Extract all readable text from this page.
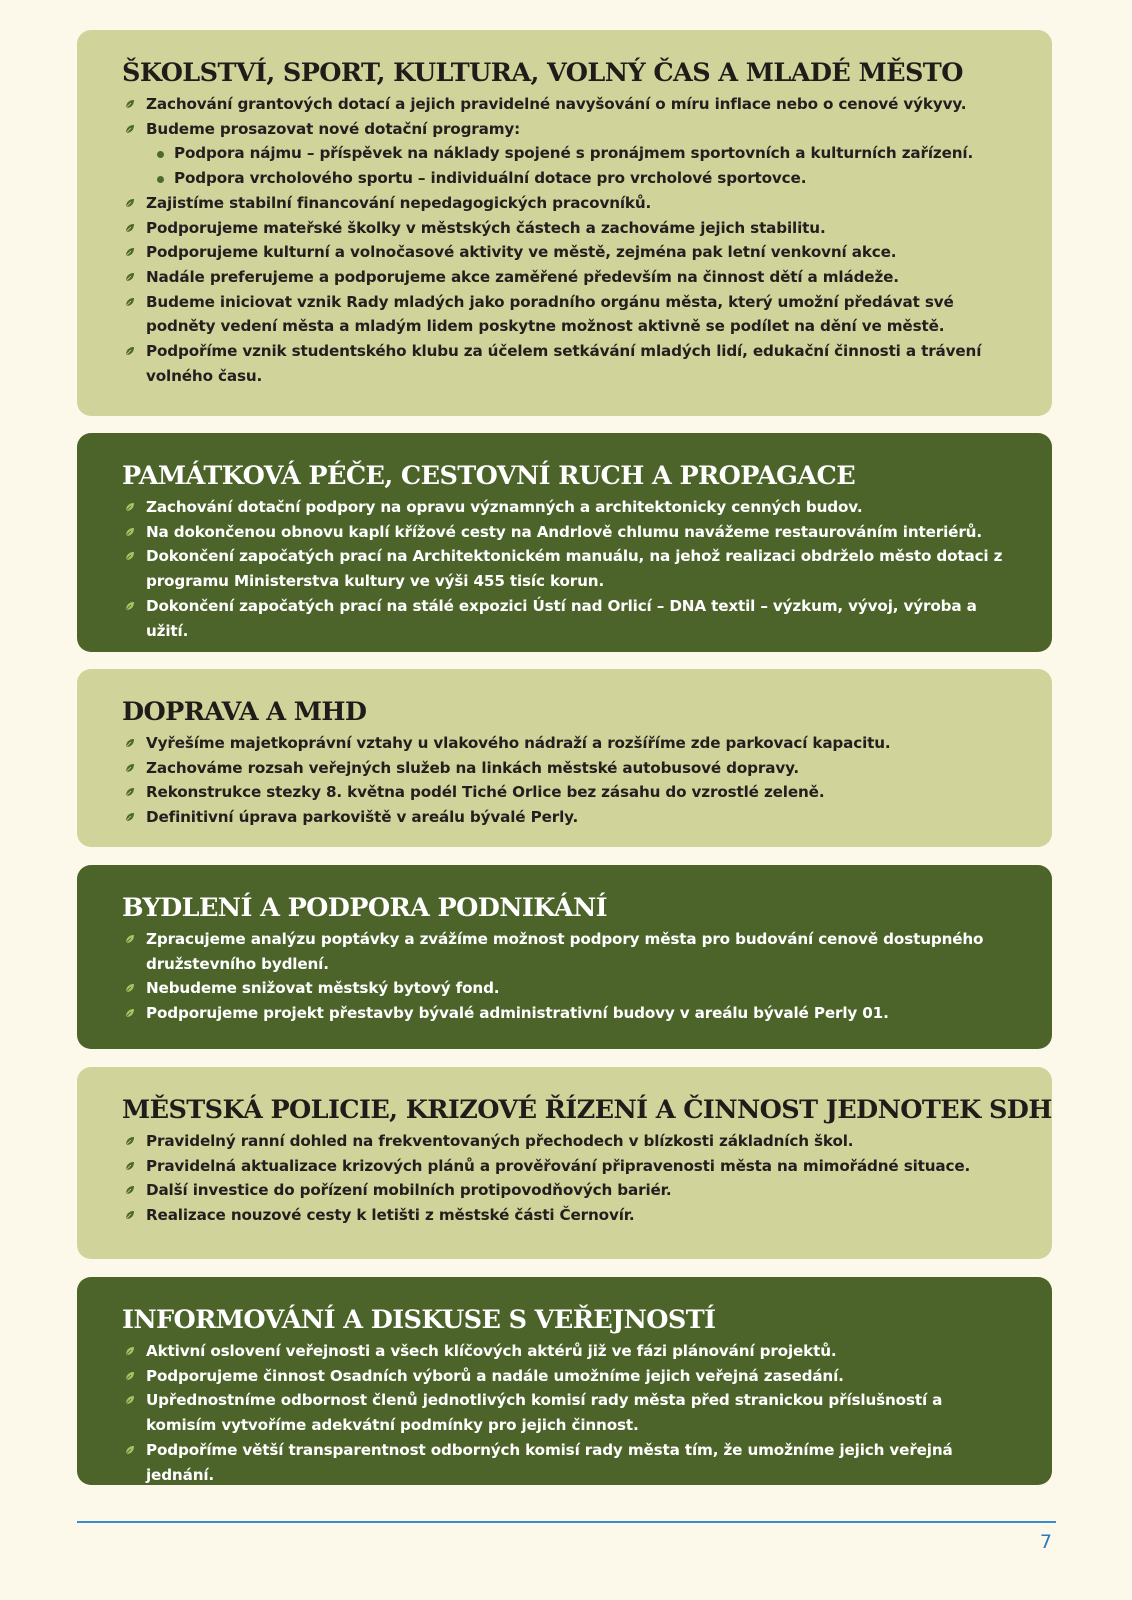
ŠKOLSTVÍ, SPORT, KULTURA, VOLNÝ ČAS A MLADÉ MĚSTO
Zachování grantových dotací a jejich pravidelné navyšování o míru inflace nebo o cenové výkyvy.
Budeme prosazovat nové dotační programy:
Podpora nájmu – příspěvek na náklady spojené s pronájmem sportovních a kulturních zařízení.
Podpora vrcholového sportu – individuální dotace pro vrcholové sportovce.
Zajistíme stabilní financování nepedagogických pracovníků.
Podporujeme mateřské školky v městských částech a zachováme jejich stabilitu.
Podporujeme kulturní a volnočasové aktivity ve městě, zejména pak letní venkovní akce.
Nadále preferujeme a podporujeme akce zaměřené především na činnost dětí a mládeže.
Budeme iniciovat vznik Rady mladých jako poradního orgánu města, který umožní předávat své podněty vedení města a mladým lidem poskytne možnost aktivně se podílet na dění ve městě.
Podpoříme vznik studentského klubu za účelem setkávání mladých lidí, edukační činnosti a trávení volného času.
PAMÁTKOVÁ PÉČE, CESTOVNÍ RUCH A PROPAGACE
Zachování dotační podpory na opravu významných a architektonicky cenných budov.
Na dokončenou obnovu kaplí křížové cesty na Andrlově chlumu navážeme restaurováním interiérů.
Dokončení započatých prací na Architektonickém manuálu, na jehož realizaci obdrželo město dotaci z programu Ministerstva kultury ve výši 455 tisíc korun.
Dokončení započatých prací na stálé expozici Ústí nad Orlicí – DNA textil – výzkum, vývoj, výroba a užití.
DOPRAVA A MHD
Vyřešíme majetkoprávní vztahy u vlakového nádraží a rozšíříme zde parkovací kapacitu.
Zachováme rozsah veřejných služeb na linkách městské autobusové dopravy.
Rekonstrukce stezky 8. května podél Tiché Orlice bez zásahu do vzrostlé zeleně.
Definitivní úprava parkoviště v areálu bývalé Perly.
BYDLENÍ A PODPORA PODNIKÁNÍ
Zpracujeme analýzu poptávky a zvážíme možnost podpory města pro budování cenově dostupného družstevního bydlení.
Nebudeme snižovat městský bytový fond.
Podporujeme projekt přestavby bývalé administrativní budovy v areálu bývalé Perly 01.
MĚSTSKÁ POLICIE, KRIZOVÉ ŘÍZENÍ A ČINNOST JEDNOTEK SDH
Pravidelný ranní dohled na frekventovaných přechodech v blízkosti základních škol.
Pravidelná aktualizace krizových plánů a prověřování připravenosti města na mimořádné situace.
Další investice do pořízení mobilních protipovodňových bariér.
Realizace nouzové cesty k letišti z městské části Černovír.
INFORMOVÁNÍ A DISKUSE S VEŘEJNOSTÍ
Aktivní oslovení veřejnosti a všech klíčových aktérů již ve fázi plánování projektů.
Podporujeme činnost Osadních výborů a nadále umožníme jejich veřejná zasedání.
Upřednostníme odbornost členů jednotlivých komisí rady města před stranickou příslušností a komisím vytvoříme adekvátní podmínky pro jejich činnost.
Podpoříme větší transparentnost odborných komisí rady města tím, že umožníme jejich veřejná jednání.
7
